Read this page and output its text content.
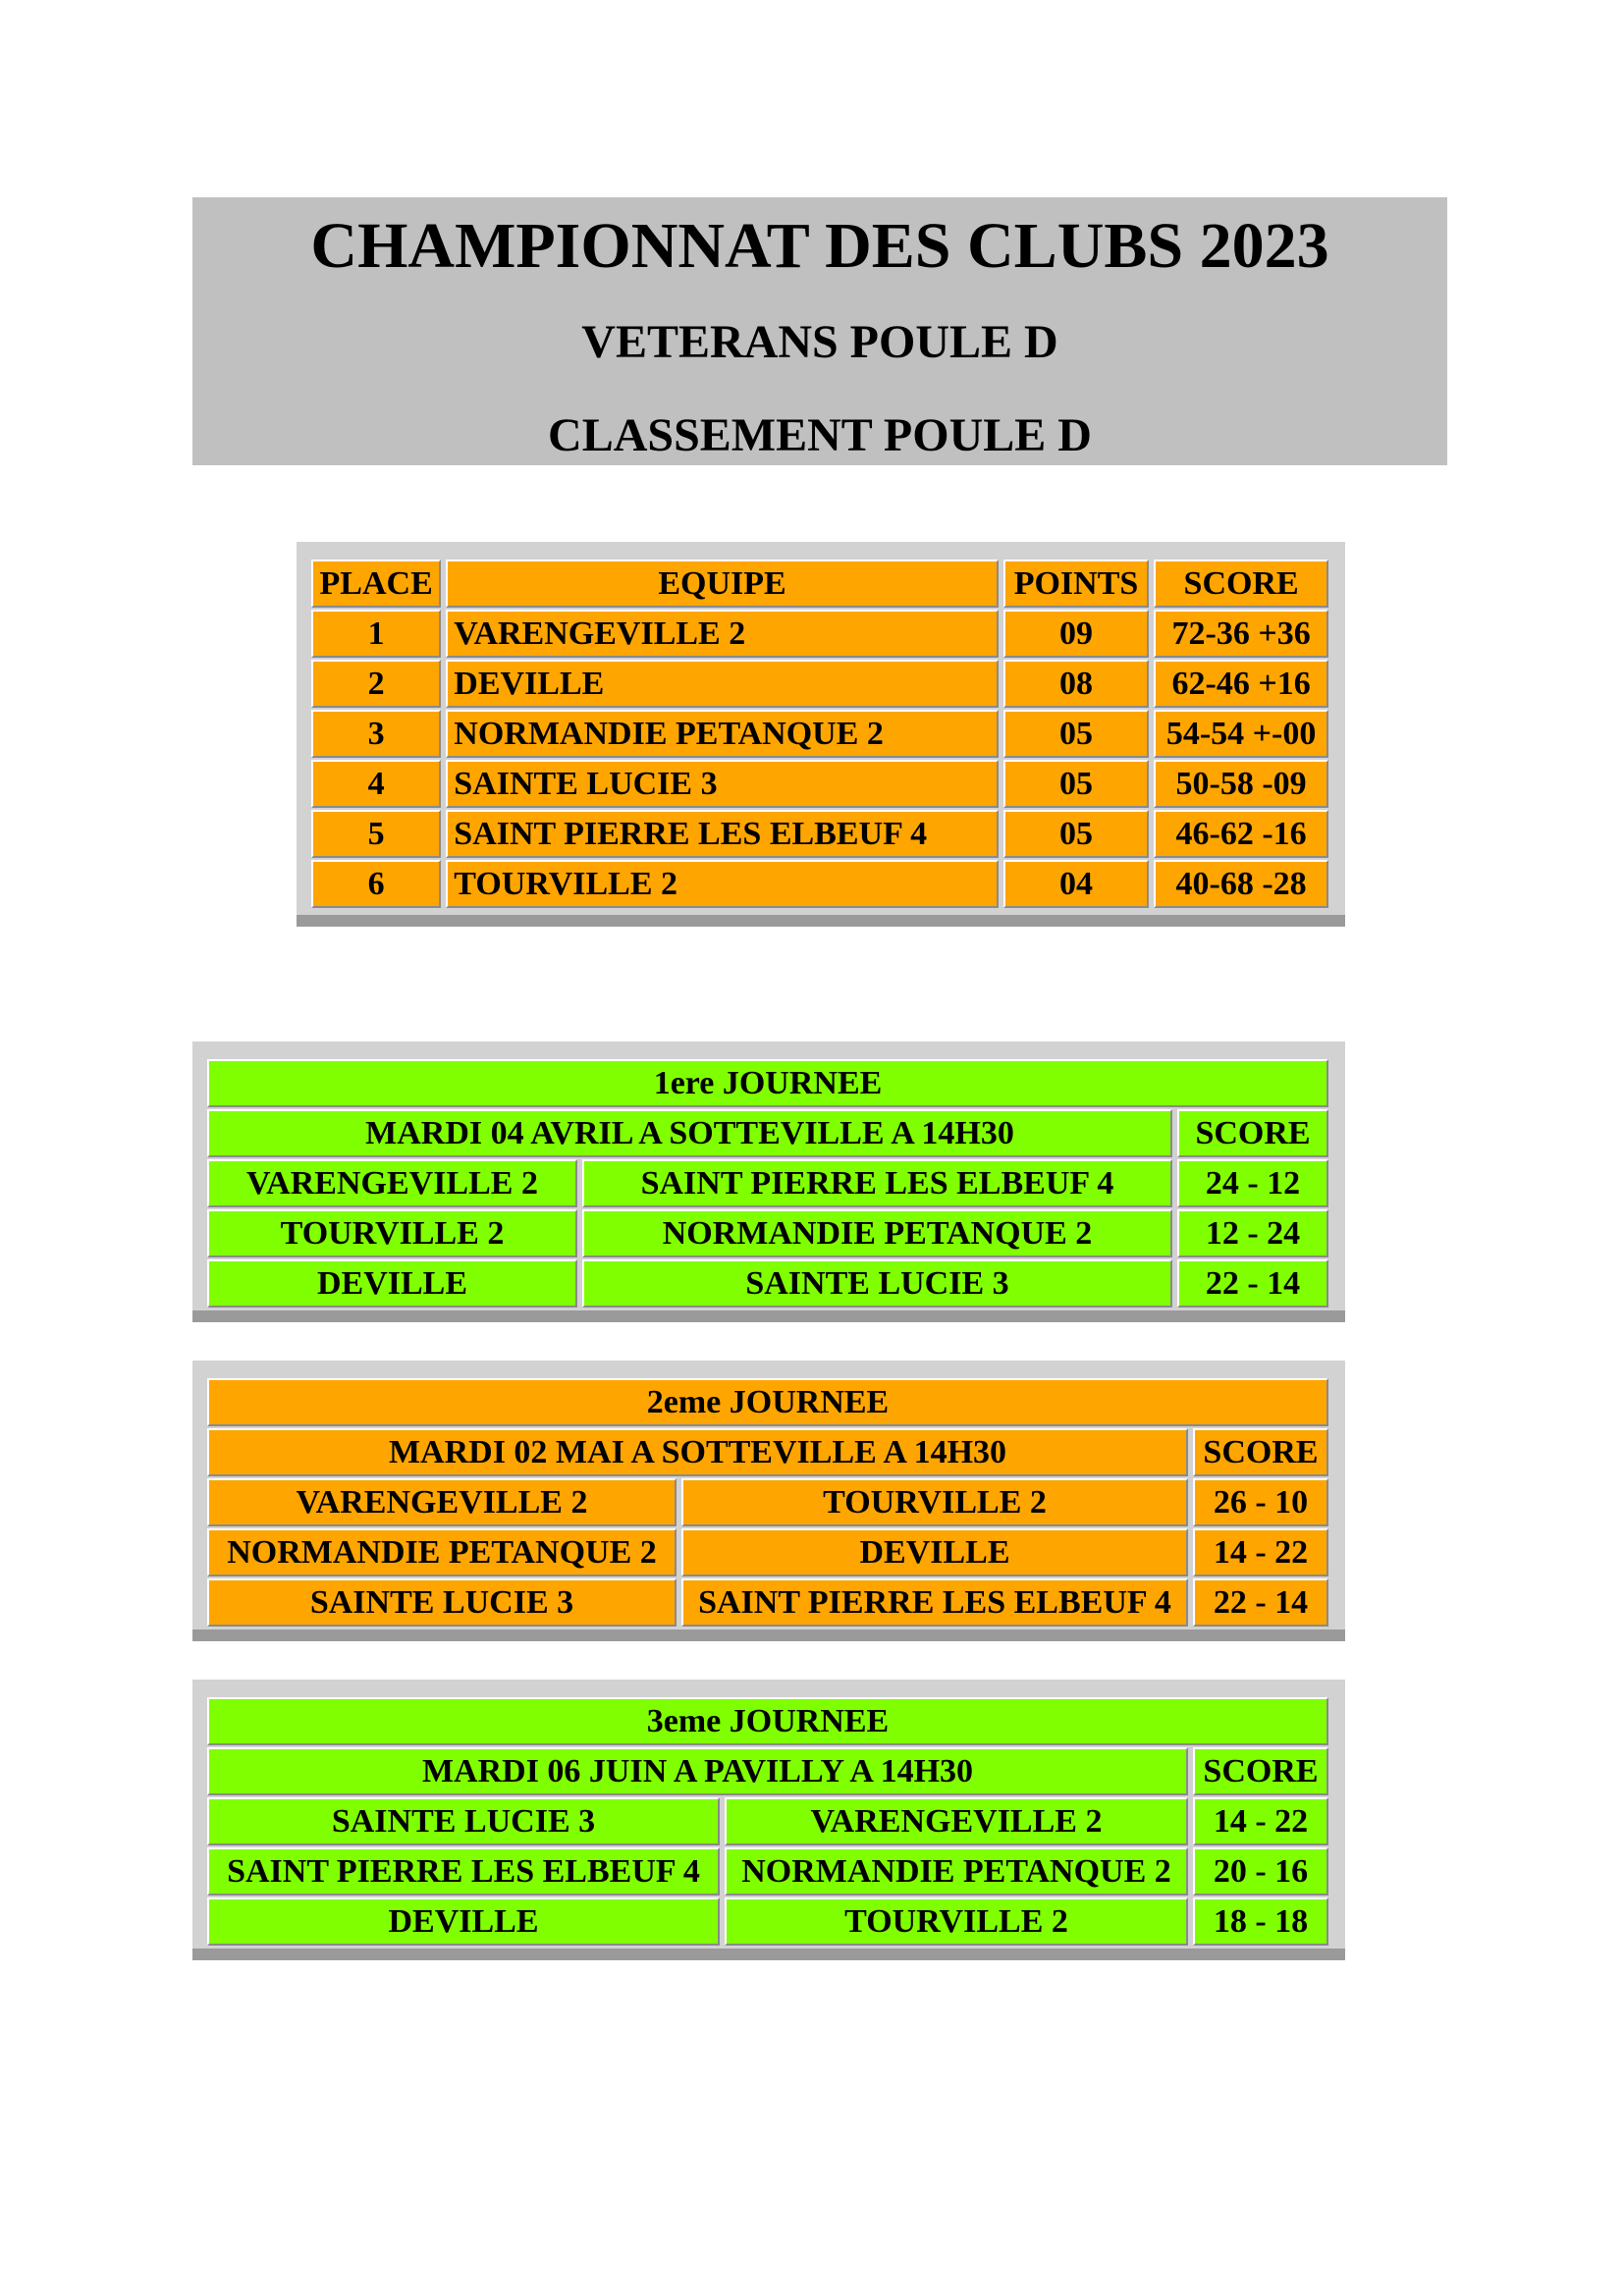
CHAMPIONNAT DES CLUBS 2023
VETERANS POULE D
CLASSEMENT POULE D
PLACE	EQUIPE	POINTS	SCORE
1	VARENGEVILLE 2	09	72-36 +36
2	DEVILLE	08	62-46 +16
3	NORMANDIE PETANQUE 2	05	54-54 +-00
4	SAINTE LUCIE 3	05	50-58 -09
5	SAINT PIERRE LES ELBEUF 4	05	46-62 -16
6	TOURVILLE 2	04	40-68 -28
1ere JOURNEE		
MARDI 04 AVRIL A SOTTEVILLE A 14H30		SCORE
VARENGEVILLE 2	SAINT PIERRE LES ELBEUF 4	24 - 12
TOURVILLE 2	NORMANDIE PETANQUE 2	12 - 24
DEVILLE	SAINTE LUCIE 3	22 - 14
2eme JOURNEE		
MARDI 02 MAI A SOTTEVILLE A 14H30		SCORE
VARENGEVILLE 2	TOURVILLE 2	26 - 10
NORMANDIE PETANQUE 2	DEVILLE	14 - 22
SAINTE LUCIE 3	SAINT PIERRE LES ELBEUF 4	22 - 14
3eme JOURNEE		
MARDI 06 JUIN A PAVILLY A 14H30		SCORE
SAINTE LUCIE 3	VARENGEVILLE 2	14 - 22
SAINT PIERRE LES ELBEUF 4	NORMANDIE PETANQUE 2	20 - 16
DEVILLE	TOURVILLE 2	18 - 18
